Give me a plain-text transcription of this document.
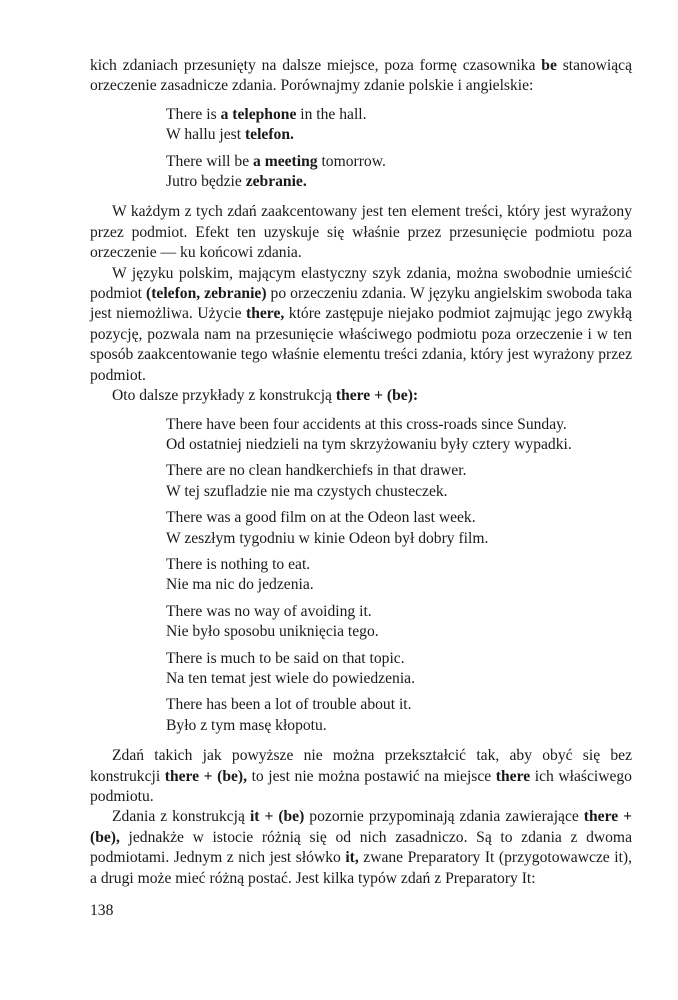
kich zdaniach przesunięty na dalsze miejsce, poza formę czasownika be stanowiącą orzeczenie zasadnicze zdania. Porównajmy zdanie polskie i angielskie:

There is a telephone in the hall.
W hallu jest telefon.
There will be a meeting tomorrow.
Jutro będzie zebranie.

W każdym z tych zdań zaakcentowany jest ten element treści, który jest wyrażony przez podmiot. Efekt ten uzyskuje się właśnie przez przesunięcie podmiotu poza orzeczenie — ku końcowi zdania.

W języku polskim, mającym elastyczny szyk zdania, można swobodnie umieścić podmiot (telefon, zebranie) po orzeczeniu zdania. W języku angielskim swoboda taka jest niemożliwa. Użycie there, które zastępuje niejako podmiot zajmując jego zwykłą pozycję, pozwala nam na przesunięcie właściwego podmiotu poza orzeczenie i w ten sposób zaakcentowanie tego właśnie elementu treści zdania, który jest wyrażony przez podmiot.

Oto dalsze przykłady z konstrukcją there + (be):

There have been four accidents at this cross-roads since Sunday.
Od ostatniej niedzieli na tym skrzyżowaniu były cztery wypadki.
There are no clean handkerchiefs in that drawer.
W tej szufladzie nie ma czystych chusteczek.
There was a good film on at the Odeon last week.
W zeszłym tygodniu w kinie Odeon był dobry film.
There is nothing to eat.
Nie ma nic do jedzenia.
There was no way of avoiding it.
Nie było sposobu uniknięcia tego.
There is much to be said on that topic.
Na ten temat jest wiele do powiedzenia.
There has been a lot of trouble about it.
Było z tym masę kłopotu.

Zdań takich jak powyższe nie można przekształcić tak, aby obyć się bez konstrukcji there + (be), to jest nie można postawić na miejsce there ich właściwego podmiotu.

Zdania z konstrukcją it + (be) pozornie przypominają zdania zawierające there + (be), jednakże w istocie różnią się od nich zasadniczo. Są to zdania z dwoma podmiotami. Jednym z nich jest słówko it, zwane Preparatory It (przygotowawcze it), a drugi może mieć różną postać. Jest kilka typów zdań z Preparatory It:

138
